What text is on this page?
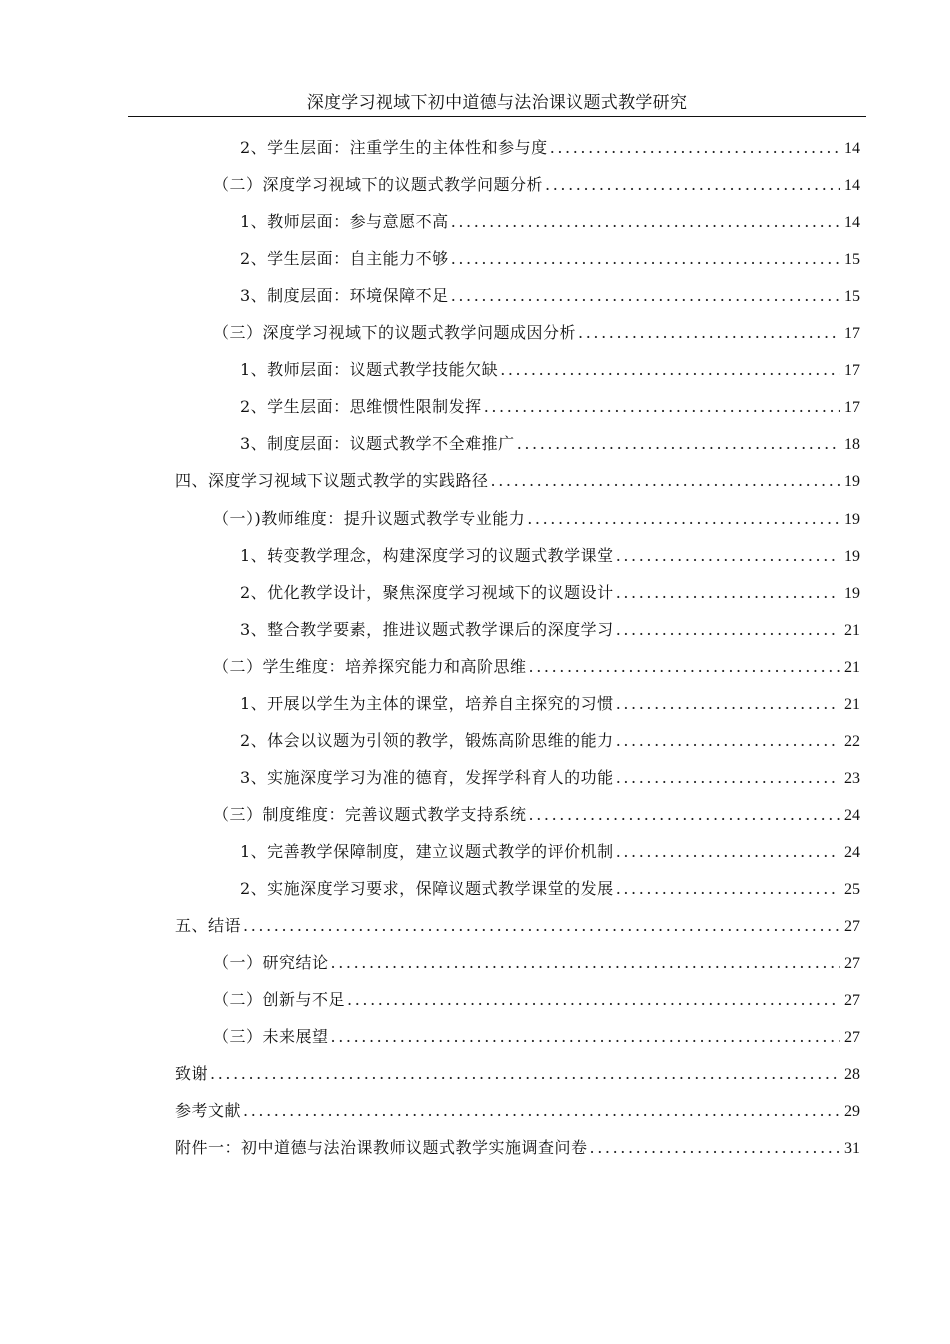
深度学习视域下初中道德与法治课议题式教学研究
2、学生层面：注重学生的主体性和参与度 .....	14
（二）深度学习视域下的议题式教学问题分析 .....	14
1、教师层面：参与意愿不高 .....	14
2、学生层面：自主能力不够 .....	15
3、制度层面：环境保障不足 .....	15
（三）深度学习视域下的议题式教学问题成因分析 .....	17
1、教师层面：议题式教学技能欠缺 .....	17
2、学生层面：思维惯性限制发挥 .....	17
3、制度层面：议题式教学不全难推广 .....	18
四、深度学习视域下议题式教学的实践路径 .....	19
（一）)教师维度：提升议题式教学专业能力 .....	19
1、转变教学理念，构建深度学习的议题式教学课堂 .....	19
2、优化教学设计，聚焦深度学习视域下的议题设计 .....	19
3、整合教学要素，推进议题式教学课后的深度学习 .....	21
（二）学生维度：培养探究能力和高阶思维 .....	21
1、开展以学生为主体的课堂，培养自主探究的习惯 .....	21
2、体会以议题为引领的教学，锻炼高阶思维的能力 .....	22
3、实施深度学习为准的德育，发挥学科育人的功能 .....	23
（三）制度维度：完善议题式教学支持系统 .....	24
1、完善教学保障制度，建立议题式教学的评价机制 .....	24
2、实施深度学习要求，保障议题式教学课堂的发展 .....	25
五、结语 .....	27
（一）研究结论 .....	27
（二）创新与不足 .....	27
（三）未来展望 .....	27
致谢 .....	28
参考文献 .....	29
附件一：初中道德与法治课教师议题式教学实施调查问卷 .....	31
